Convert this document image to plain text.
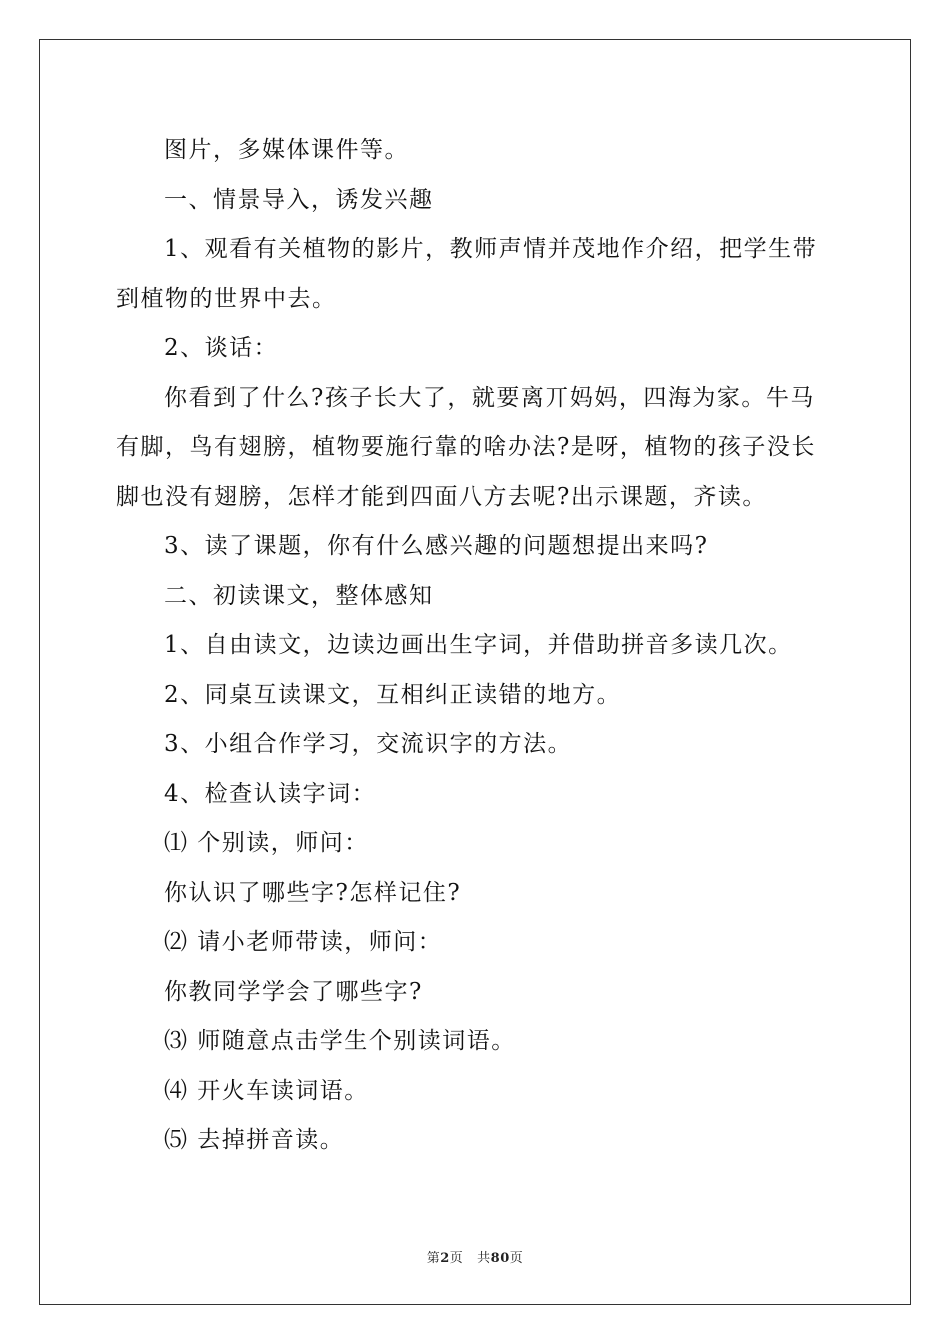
图片，多媒体课件等。

一、情景导入，诱发兴趣

1、观看有关植物的影片，教师声情并茂地作介绍，把学生带到植物的世界中去。

2、谈话：

你看到了什么?孩子长大了，就要离丌妈妈，四海为家。牛马有脚，鸟有翅膀，植物要施行靠的啥办法?是呀，植物的孩子没长脚也没有翅膀，怎样才能到四面八方去呢?出示课题，齐读。

3、读了课题，你有什么感兴趣的问题想提出来吗?

二、初读课文，整体感知

1、自由读文，边读边画出生字词，并借助拼音多读几次。

2、同桌互读课文，互相纠正读错的地方。

3、小组合作学习，交流识字的方法。

4、检查认读字词：

⑴ 个别读，师问：

你认识了哪些字?怎样记住?

⑵ 请小老师带读，师问：

你教同学学会了哪些字?

⑶ 师随意点击学生个别读词语。

⑷ 开火车读词语。

⑸ 去掉拼音读。

第2页   共80页
